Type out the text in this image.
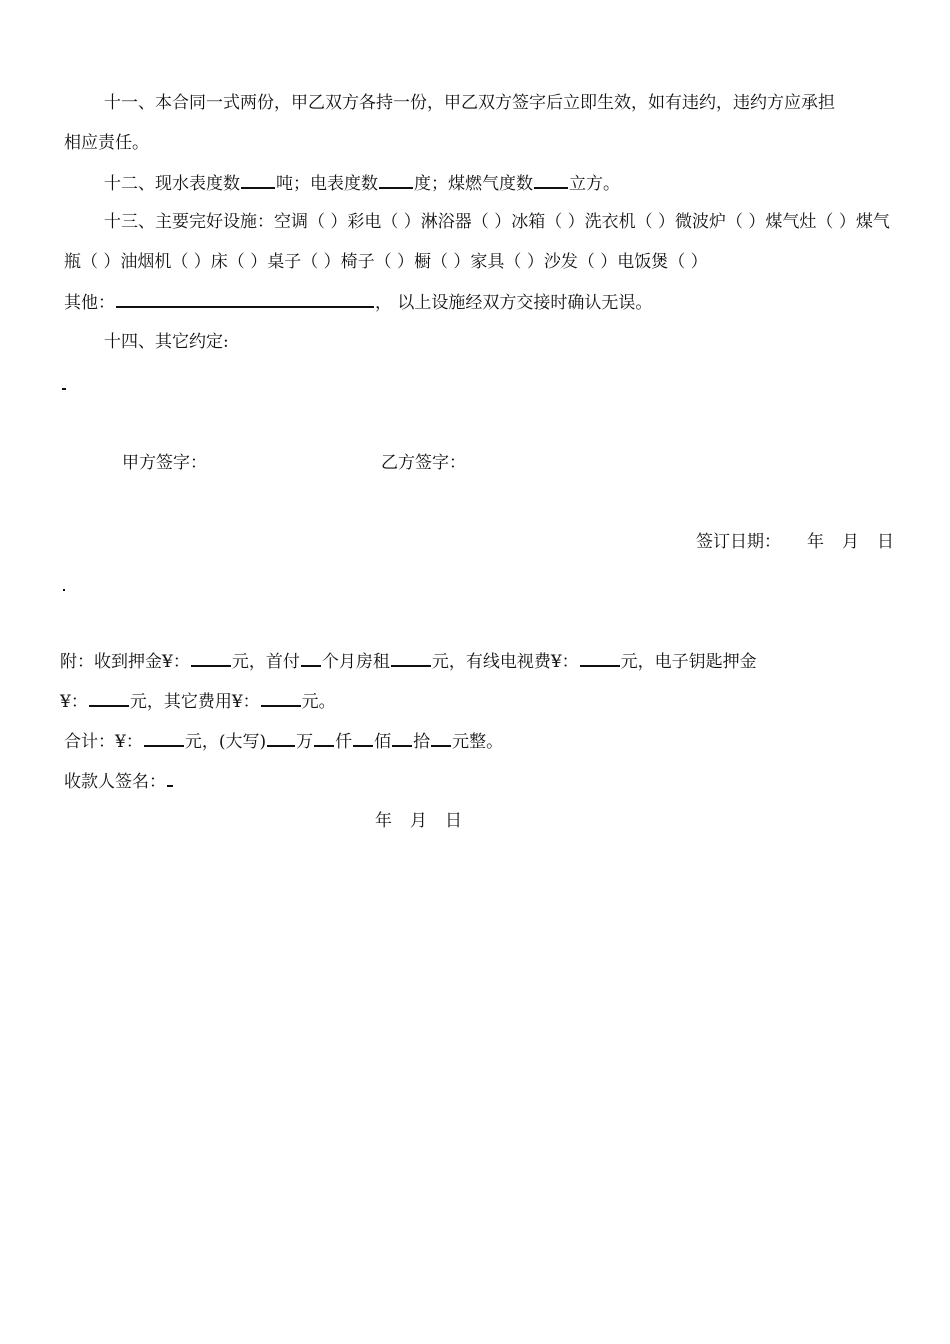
十一、本合同一式两份，甲乙双方各持一份，甲乙双方签字后立即生效，如有违约，违约方应承担
相应责任。
十二、现水表度数 吨；电表度数 度；煤燃气度数 立方。
十三、主要完好设施：空调（ ）彩电（ ）淋浴器（ ）冰箱（ ）洗衣机（ ）微波炉（ ）煤气灶（ ）煤气
瓶（ ）油烟机（ ）床（ ）桌子（ ）椅子（ ）橱（ ）家具（ ）沙发（ ）电饭煲（ ）
其他：	， 以上设施经双方交接时确认无误。
十四、其它约定:
甲方签字：	乙方签字：
签订日期： 年 月 日
附：收到押金¥： 元，首付 个月房租 元，有线电视费¥： 元，电子钥匙押金
¥： 元，其它费用¥： 元。
合计：¥： 元，(大写) 万 仟 佰 拾 元整。
收款人签名：
年 月 日
